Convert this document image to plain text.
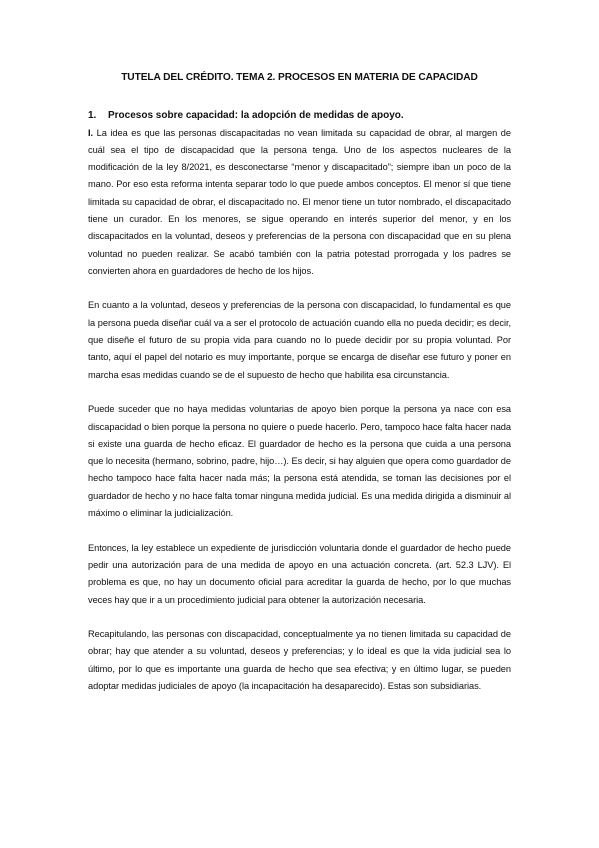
TUTELA DEL CRÉDITO. TEMA 2. PROCESOS EN MATERIA DE CAPACIDAD
1. Procesos sobre capacidad: la adopción de medidas de apoyo.

I. La idea es que las personas discapacitadas no vean limitada su capacidad de obrar, al margen de cuál sea el tipo de discapacidad que la persona tenga. Uno de los aspectos nucleares de la modificación de la ley 8/2021, es desconectarse “menor y discapacitado”; siempre iban un poco de la mano. Por eso esta reforma intenta separar todo lo que puede ambos conceptos. El menor sí que tiene limitada su capacidad de obrar, el discapacitado no. El menor tiene un tutor nombrado, el discapacitado tiene un curador. En los menores, se sigue operando en interés superior del menor, y en los discapacitados en la voluntad, deseos y preferencias de la persona con discapacidad que en su plena voluntad no pueden realizar. Se acabó también con la patria potestad prorrogada y los padres se convierten ahora en guardadores de hecho de los hijos.

En cuanto a la voluntad, deseos y preferencias de la persona con discapacidad, lo fundamental es que la persona pueda diseñar cuál va a ser el protocolo de actuación cuando ella no pueda decidir; es decir, que diseñe el futuro de su propia vida para cuando no lo puede decidir por su propia voluntad. Por tanto, aquí el papel del notario es muy importante, porque se encarga de diseñar ese futuro y poner en marcha esas medidas cuando se de el supuesto de hecho que habilita esa circunstancia.

Puede suceder que no haya medidas voluntarias de apoyo bien porque la persona ya nace con esa discapacidad o bien porque la persona no quiere o puede hacerlo. Pero, tampoco hace falta hacer nada si existe una guarda de hecho eficaz. El guardador de hecho es la persona que cuida a una persona que lo necesita (hermano, sobrino, padre, hijo…). Es decir, si hay alguien que opera como guardador de hecho tampoco hace falta hacer nada más; la persona está atendida, se toman las decisiones por el guardador de hecho y no hace falta tomar ninguna medida judicial. Es una medida dirigida a disminuir al máximo o eliminar la judicialización.

Entonces, la ley establece un expediente de jurisdicción voluntaria donde el guardador de hecho puede pedir una autorización para de una medida de apoyo en una actuación concreta. (art. 52.3 LJV). El problema es que, no hay un documento oficial para acreditar la guarda de hecho, por lo que muchas veces hay que ir a un procedimiento judicial para obtener la autorización necesaria.

Recapitulando, las personas con discapacidad, conceptualmente ya no tienen limitada su capacidad de obrar; hay que atender a su voluntad, deseos y preferencias; y lo ideal es que la vida judicial sea lo último, por lo que es importante una guarda de hecho que sea efectiva; y en último lugar, se pueden adoptar medidas judiciales de apoyo (la incapacitación ha desaparecido). Estas son subsidiarias.
